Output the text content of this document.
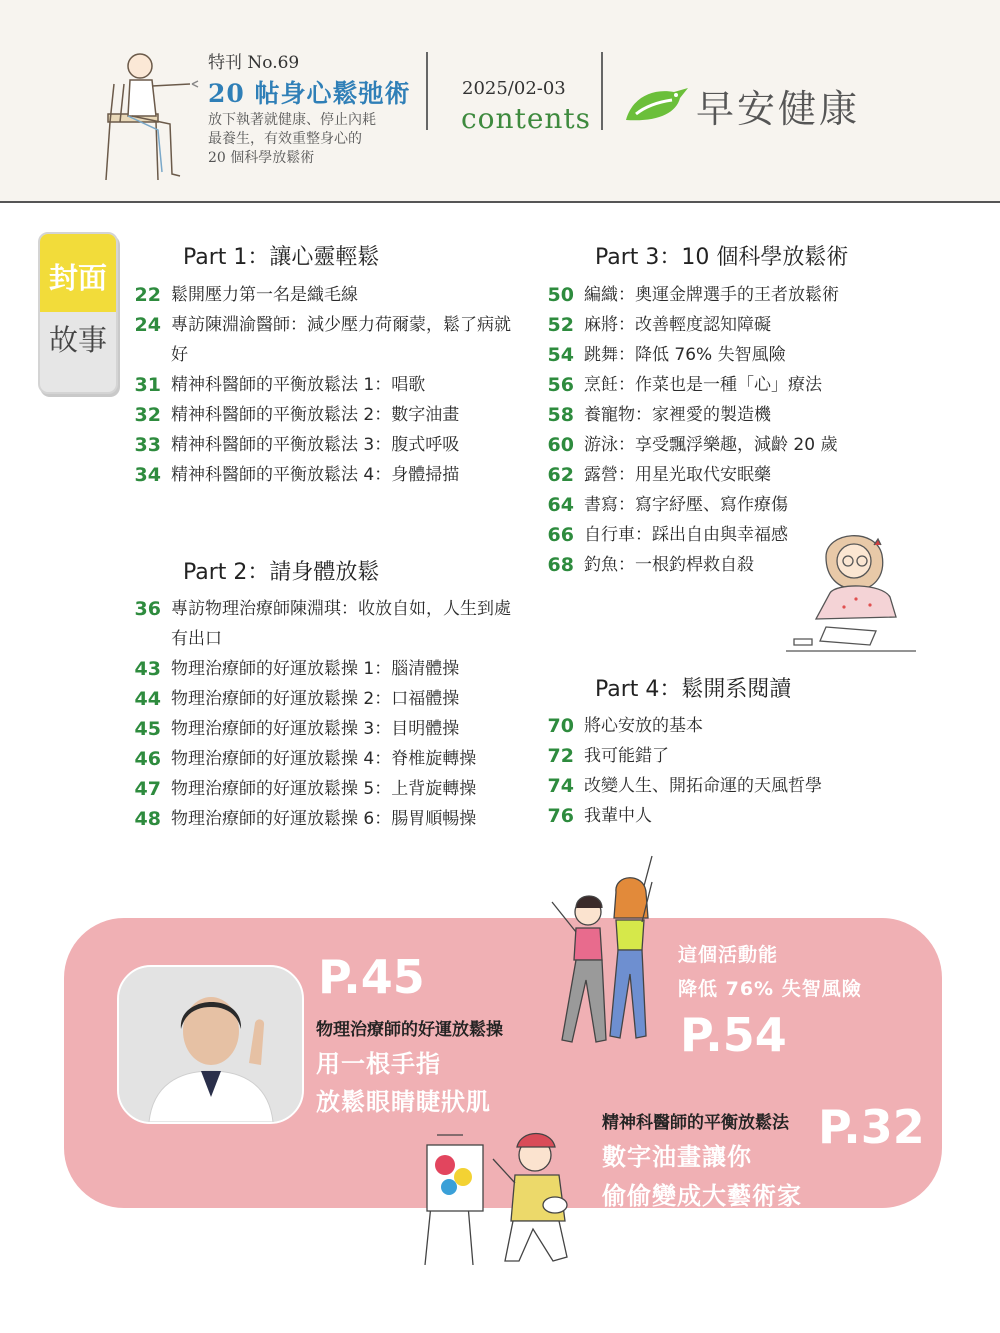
特刊 No.69
20 帖身心鬆弛術
放下執著就健康、停止內耗
最養生，有效重整身心的
20 個科學放鬆術
2025/02-03
contents	早安健康
封面
故事
Part 1：讓心靈輕鬆
22 鬆開壓力第一名是織毛線
24 專訪陳淵渝醫師：減少壓力荷爾蒙，鬆了病就好
31 精神科醫師的平衡放鬆法 1：唱歌
32 精神科醫師的平衡放鬆法 2：數字油畫
33 精神科醫師的平衡放鬆法 3：腹式呼吸
34 精神科醫師的平衡放鬆法 4：身體掃描
Part 2：請身體放鬆
36 專訪物理治療師陳淵琪：收放自如，人生到處有出口
43 物理治療師的好運放鬆操 1：腦清體操
44 物理治療師的好運放鬆操 2：口福體操
45 物理治療師的好運放鬆操 3：目明體操
46 物理治療師的好運放鬆操 4：脊椎旋轉操
47 物理治療師的好運放鬆操 5：上背旋轉操
48 物理治療師的好運放鬆操 6：腸胃順暢操
Part 3：10 個科學放鬆術
50 編織：奧運金牌選手的王者放鬆術
52 麻將：改善輕度認知障礙
54 跳舞：降低 76% 失智風險
56 烹飪：作菜也是一種「心」療法
58 養寵物：家裡愛的製造機
60 游泳：享受飄浮樂趣，減齡 20 歲
62 露營：用星光取代安眠藥
64 書寫：寫字紓壓、寫作療傷
66 自行車：踩出自由與幸福感
68 釣魚：一根釣桿救自殺
Part 4：鬆開系閱讀
70 將心安放的基本
72 我可能錯了
74 改變人生、開拓命運的天風哲學
76 我輩中人
P.45
物理治療師的好運放鬆操
用一根手指
放鬆眼睛睫狀肌
這個活動能
降低 76% 失智風險
P.54
精神科醫師的平衡放鬆法 P.32
數字油畫讓你
偷偷變成大藝術家
